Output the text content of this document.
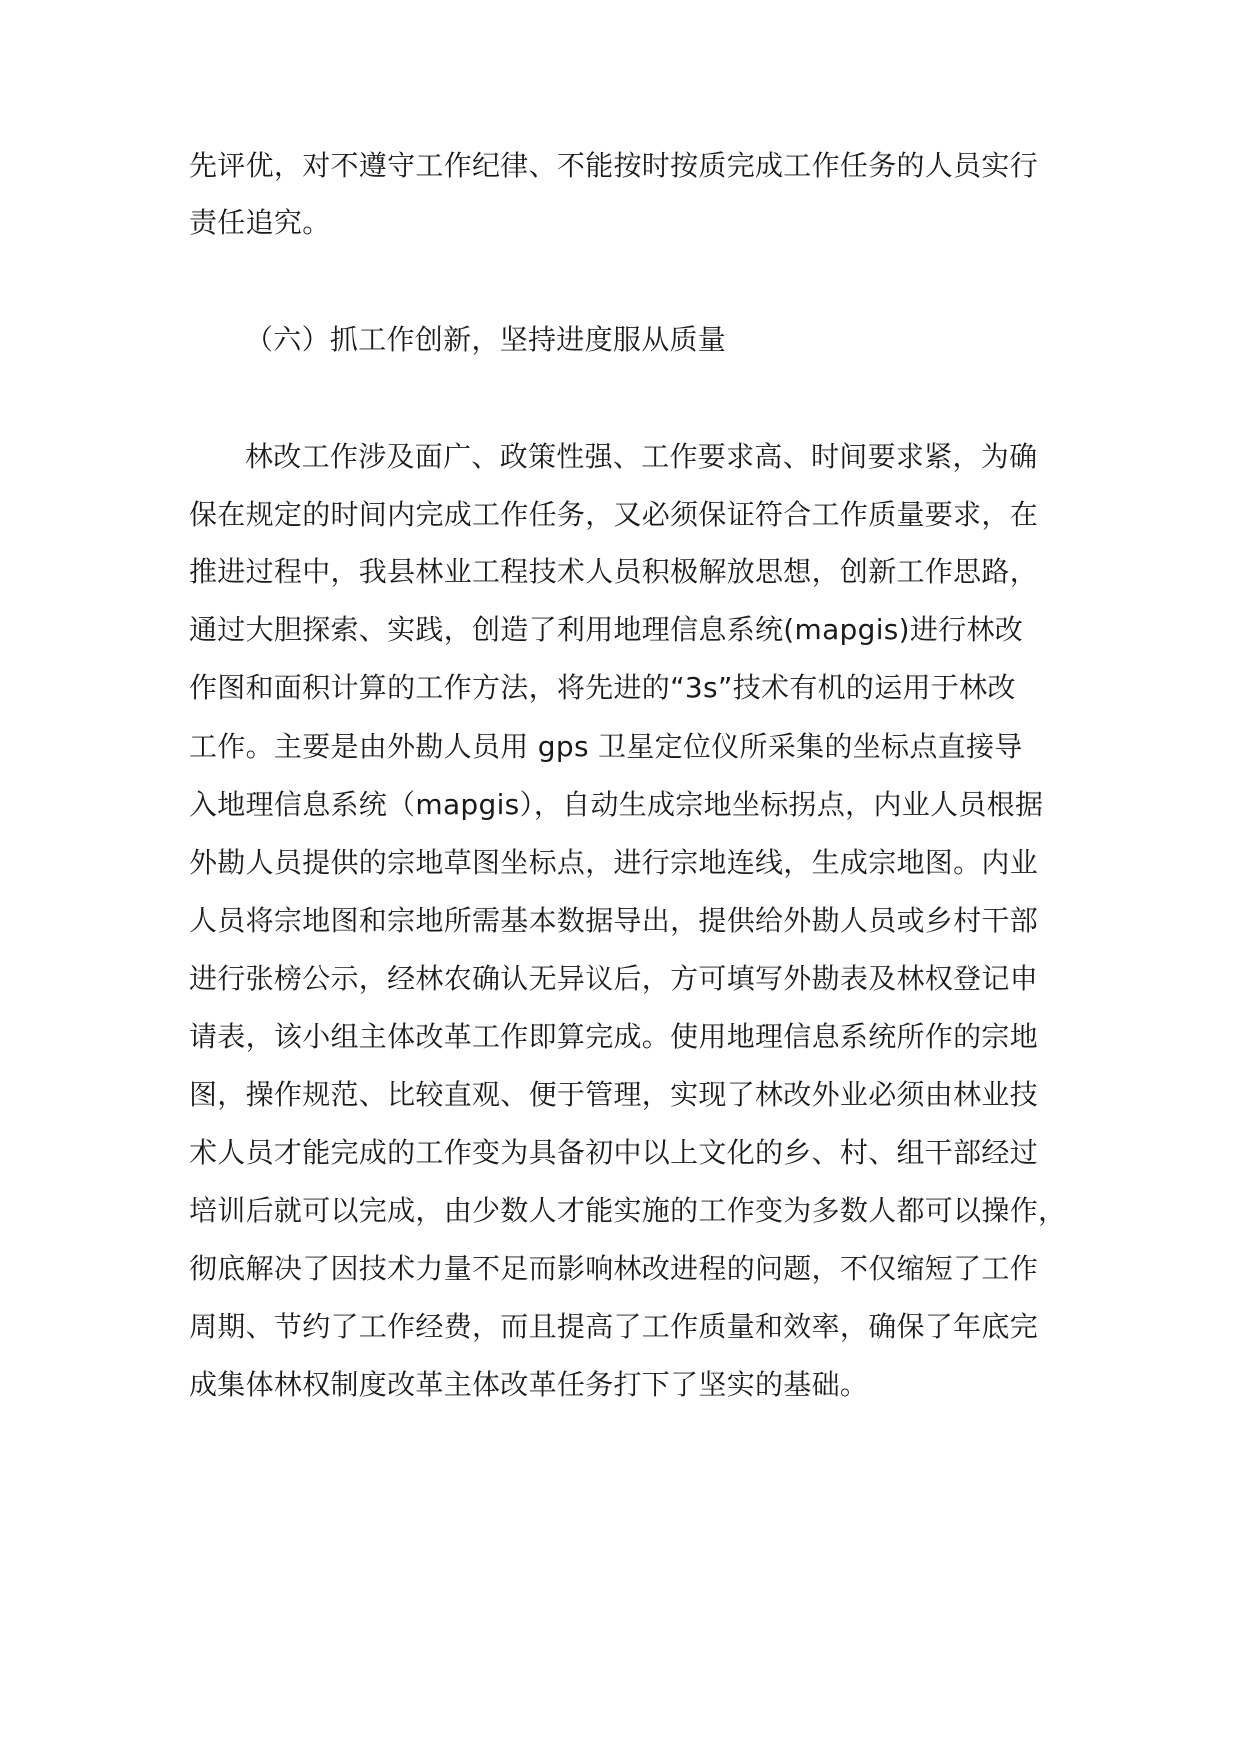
先评优，对不遵守工作纪律、不能按时按质完成工作任务的人员实行
责任追究。
（六）抓工作创新，坚持进度服从质量
林改工作涉及面广、政策性强、工作要求高、时间要求紧，为确
保在规定的时间内完成工作任务，又必须保证符合工作质量要求，在
推进过程中，我县林业工程技术人员积极解放思想，创新工作思路，
通过大胆探索、实践，创造了利用地理信息系统(mapgis)进行林改
作图和面积计算的工作方法，将先进的“3s”技术有机的运用于林改
工作。主要是由外勘人员用 gps 卫星定位仪所采集的坐标点直接导
入地理信息系统（mapgis），自动生成宗地坐标拐点，内业人员根据
外勘人员提供的宗地草图坐标点，进行宗地连线，生成宗地图。内业
人员将宗地图和宗地所需基本数据导出，提供给外勘人员或乡村干部
进行张榜公示，经林农确认无异议后，方可填写外勘表及林权登记申
请表，该小组主体改革工作即算完成。使用地理信息系统所作的宗地
图，操作规范、比较直观、便于管理，实现了林改外业必须由林业技
术人员才能完成的工作变为具备初中以上文化的乡、村、组干部经过
培训后就可以完成，由少数人才能实施的工作变为多数人都可以操作，
彻底解决了因技术力量不足而影响林改进程的问题，不仅缩短了工作
周期、节约了工作经费，而且提高了工作质量和效率，确保了年底完
成集体林权制度改革主体改革任务打下了坚实的基础。
